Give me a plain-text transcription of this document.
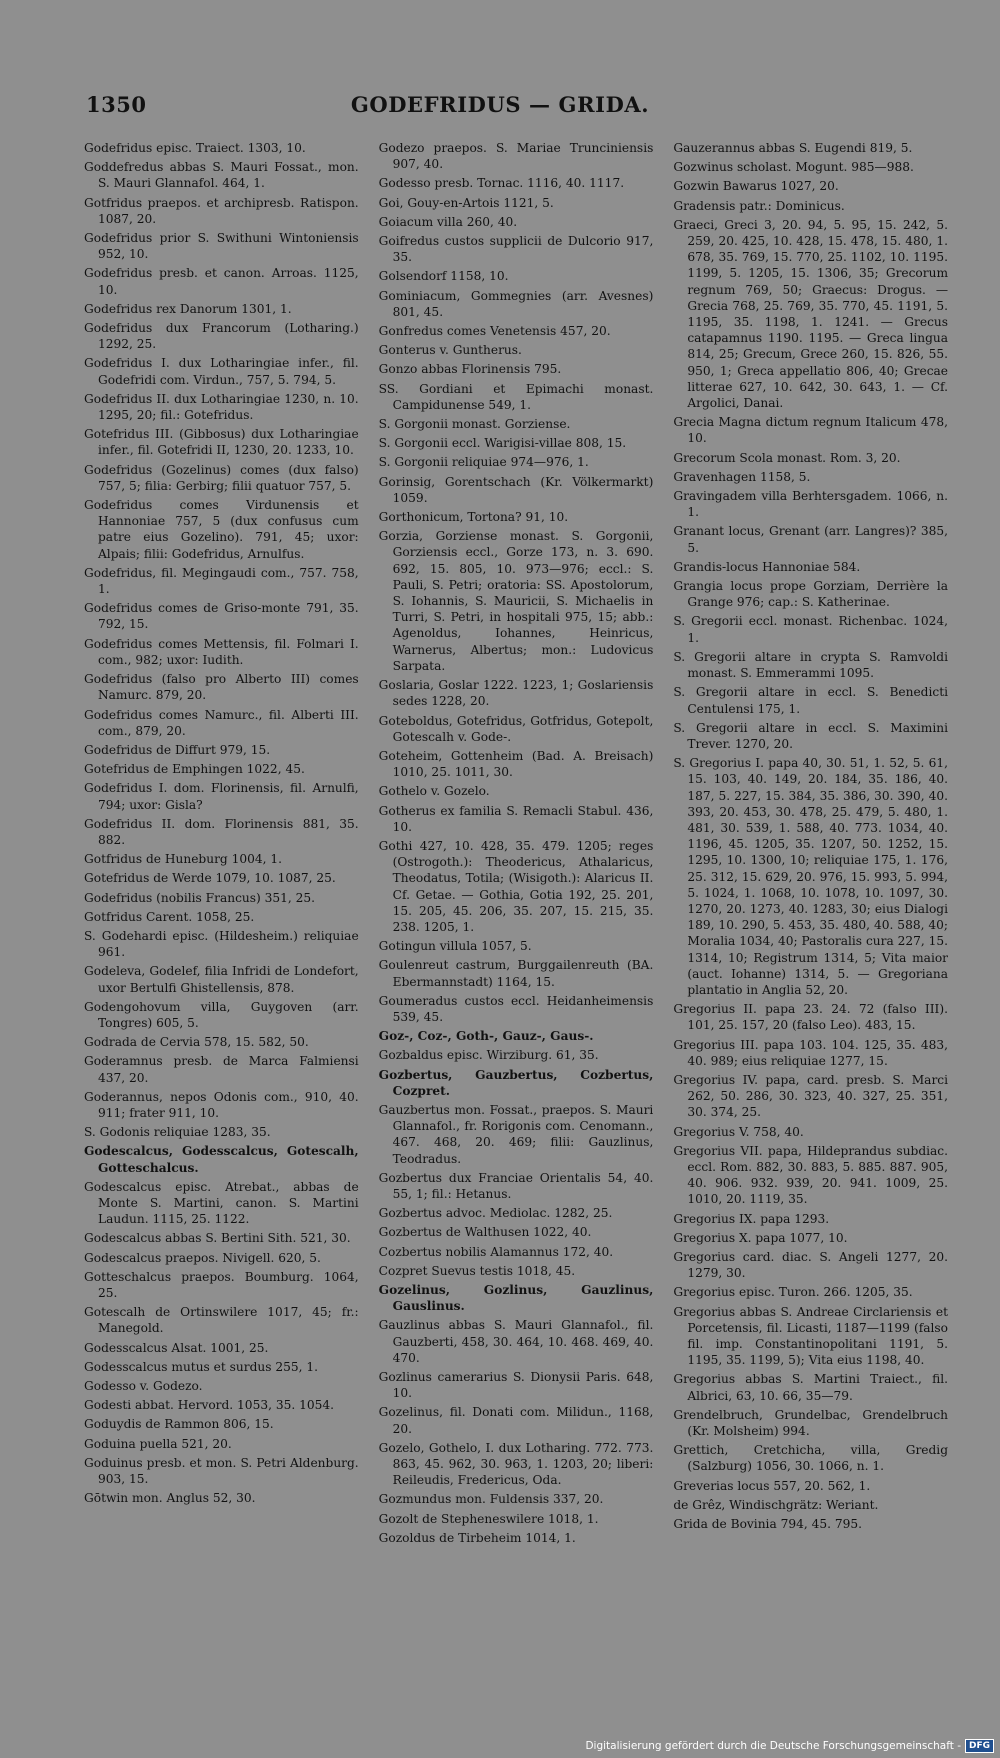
1350	GODEFRIDUS — GRIDA.

Godefridus episc. Traiect. 1303, 10.

Goddefredus abbas S. Mauri Fossat., mon. S. Mauri Glannafol. 464, 1.

Gotfridus praepos. et archipresb. Ratispon. 1087, 20.

Godefridus prior S. Swithuni Wintoniensis 952, 10.

Godefridus presb. et canon. Arroas. 1125, 10.

Godefridus rex Danorum 1301, 1.

Godefridus dux Francorum (Lotharing.) 1292, 25.

Godefridus I. dux Lotharingiae infer., fil. Godefridi com. Virdun., 757, 5. 794, 5.

Godefridus II. dux Lotharingiae 1230, n. 10. 1295, 20; fil.: Gotefridus.

Gotefridus III. (Gibbosus) dux Lotharingiae infer., fil. Gotefridi II, 1230, 20. 1233, 10.

Godefridus (Gozelinus) comes (dux falso) 757, 5; filia: Gerbirg; filii quatuor 757, 5.

Godefridus comes Virdunensis et Hannoniae 757, 5 (dux confusus cum patre eius Gozelino). 791, 45; uxor: Alpais; filii: Godefridus, Arnulfus.

Godefridus, fil. Megingaudi com., 757. 758, 1.

Godefridus comes de Griso-monte 791, 35. 792, 15.

Godefridus comes Mettensis, fil. Folmari I. com., 982; uxor: Iudith.

Godefridus (falso pro Alberto III) comes Namurc. 879, 20.

Godefridus comes Namurc., fil. Alberti III. com., 879, 20.

Godefridus de Diffurt 979, 15.

Gotefridus de Emphingen 1022, 45.

Godefridus I. dom. Florinensis, fil. Arnulfi, 794; uxor: Gisla?

Godefridus II. dom. Florinensis 881, 35. 882.

Gotfridus de Huneburg 1004, 1.

Gotefridus de Werde 1079, 10. 1087, 25.

Godefridus (nobilis Francus) 351, 25.

Gotfridus Carent. 1058, 25.

S. Godehardi episc. (Hildesheim.) reliquiae 961.

Godeleva, Godelef, filia Infridi de Londefort, uxor Bertulfi Ghistellensis, 878.

Godengohovum villa, Guygoven (arr. Tongres) 605, 5.

Godrada de Cervia 578, 15. 582, 50.

Goderamnus presb. de Marca Falmiensi 437, 20.

Goderannus, nepos Odonis com., 910, 40. 911; frater 911, 10.

S. Godonis reliquiae 1283, 35.

Godescalcus, Godesscalcus, Gotescalh, Gotteschalcus.

Godescalcus episc. Atrebat., abbas de Monte S. Martini, canon. S. Martini Laudun. 1115, 25. 1122.

Godescalcus abbas S. Bertini Sith. 521, 30.

Godescalcus praepos. Nivigell. 620, 5.

Gotteschalcus praepos. Boumburg. 1064, 25.

Gotescalh de Ortinswilere 1017, 45; fr.: Manegold.

Godesscalcus Alsat. 1001, 25.

Godesscalcus mutus et surdus 255, 1.

Godesso v. Godezo.

Godesti abbat. Hervord. 1053, 35. 1054.

Goduydis de Rammon 806, 15.

Goduina puella 521, 20.

Goduinus presb. et mon. S. Petri Aldenburg. 903, 15.

Gōtwin mon. Anglus 52, 30.

Godezo praepos. S. Mariae Trunciniensis 907, 40.

Godesso presb. Tornac. 1116, 40. 1117.

Goi, Gouy-en-Artois 1121, 5.

Goiacum villa 260, 40.

Goifredus custos supplicii de Dulcorio 917, 35.

Golsendorf 1158, 10.

Gominiacum, Gommegnies (arr. Avesnes) 801, 45.

Gonfredus comes Venetensis 457, 20.

Gonterus v. Guntherus.

Gonzo abbas Florinensis 795.

SS. Gordiani et Epimachi monast. Campidunense 549, 1.

S. Gorgonii monast. Gorziense.

S. Gorgonii eccl. Warigisi-villae 808, 15.

S. Gorgonii reliquiae 974—976, 1.

Gorinsig, Gorentschach (Kr. Völkermarkt) 1059.

Gorthonicum, Tortona? 91, 10.

Gorzia, Gorziense monast. S. Gorgonii, Gorziensis eccl., Gorze 173, n. 3. 690. 692, 15. 805, 10. 973—976; eccl.: S. Pauli, S. Petri; oratoria: SS. Apostolorum, S. Iohannis, S. Mauricii, S. Michaelis in Turri, S. Petri, in hospitali 975, 15; abb.: Agenoldus, Iohannes, Heinricus, Warnerus, Albertus; mon.: Ludovicus Sarpata.

Goslaria, Goslar 1222. 1223, 1; Goslariensis sedes 1228, 20.

Goteboldus, Gotefridus, Gotfridus, Gotepolt, Gotescalh v. Gode-.

Goteheim, Gottenheim (Bad. A. Breisach) 1010, 25. 1011, 30.

Gothelo v. Gozelo.

Gotherus ex familia S. Remacli Stabul. 436, 10.

Gothi 427, 10. 428, 35. 479. 1205; reges (Ostrogoth.): Theodericus, Athalaricus, Theodatus, Totila; (Wisigoth.): Alaricus II. Cf. Getae. — Gothia, Gotia 192, 25. 201, 15. 205, 45. 206, 35. 207, 15. 215, 35. 238. 1205, 1.

Gotingun villula 1057, 5.

Goulenreut castrum, Burggailenreuth (BA. Ebermannstadt) 1164, 15.

Goumeradus custos eccl. Heidanheimensis 539, 45.

Goz-, Coz-, Goth-, Gauz-, Gaus-.

Gozbaldus episc. Wirziburg. 61, 35.

Gozbertus, Gauzbertus, Cozbertus, Cozpret.

Gauzbertus mon. Fossat., praepos. S. Mauri Glannafol., fr. Rorigonis com. Cenomann., 467. 468, 20. 469; filii: Gauzlinus, Teodradus.

Gozbertus dux Franciae Orientalis 54, 40. 55, 1; fil.: Hetanus.

Gozbertus advoc. Mediolac. 1282, 25.

Gozbertus de Walthusen 1022, 40.

Cozbertus nobilis Alamannus 172, 40.

Cozpret Suevus testis 1018, 45.

Gozelinus, Gozlinus, Gauzlinus, Gauslinus.

Gauzlinus abbas S. Mauri Glannafol., fil. Gauzberti, 458, 30. 464, 10. 468. 469, 40. 470.

Gozlinus camerarius S. Dionysii Paris. 648, 10.

Gozelinus, fil. Donati com. Milidun., 1168, 20.

Gozelo, Gothelo, I. dux Lotharing. 772. 773. 863, 45. 962, 30. 963, 1. 1203, 20; liberi: Reileudis, Fredericus, Oda.

Gozmundus mon. Fuldensis 337, 20.

Gozolt de Stepheneswilere 1018, 1.

Gozoldus de Tirbeheim 1014, 1.

Gauzerannus abbas S. Eugendi 819, 5.

Gozwinus scholast. Mogunt. 985—988.

Gozwin Bawarus 1027, 20.

Gradensis patr.: Dominicus.

Graeci, Greci 3, 20. 94, 5. 95, 15. 242, 5. 259, 20. 425, 10. 428, 15. 478, 15. 480, 1. 678, 35. 769, 15. 770, 25. 1102, 10. 1195. 1199, 5. 1205, 15. 1306, 35; Grecorum regnum 769, 50; Graecus: Drogus. — Grecia 768, 25. 769, 35. 770, 45. 1191, 5. 1195, 35. 1198, 1. 1241. — Grecus catapamnus 1190. 1195. — Greca lingua 814, 25; Grecum, Grece 260, 15. 826, 55. 950, 1; Greca appellatio 806, 40; Grecae litterae 627, 10. 642, 30. 643, 1. — Cf. Argolici, Danai.

Grecia Magna dictum regnum Italicum 478, 10.

Grecorum Scola monast. Rom. 3, 20.

Gravenhagen 1158, 5.

Gravingadem villa Berhtersgadem. 1066, n. 1.

Granant locus, Grenant (arr. Langres)? 385, 5.

Grandis-locus Hannoniae 584.

Grangia locus prope Gorziam, Derrière la Grange 976; cap.: S. Katherinae.

S. Gregorii eccl. monast. Richenbac. 1024, 1.

S. Gregorii altare in crypta S. Ramvoldi monast. S. Emmerammi 1095.

S. Gregorii altare in eccl. S. Benedicti Centulensi 175, 1.

S. Gregorii altare in eccl. S. Maximini Trever. 1270, 20.

S. Gregorius I. papa 40, 30. 51, 1. 52, 5. 61, 15. 103, 40. 149, 20. 184, 35. 186, 40. 187, 5. 227, 15. 384, 35. 386, 30. 390, 40. 393, 20. 453, 30. 478, 25. 479, 5. 480, 1. 481, 30. 539, 1. 588, 40. 773. 1034, 40. 1196, 45. 1205, 35. 1207, 50. 1252, 15. 1295, 10. 1300, 10; reliquiae 175, 1. 176, 25. 312, 15. 629, 20. 976, 15. 993, 5. 994, 5. 1024, 1. 1068, 10. 1078, 10. 1097, 30. 1270, 20. 1273, 40. 1283, 30; eius Dialogi 189, 10. 290, 5. 453, 35. 480, 40. 588, 40; Moralia 1034, 40; Pastoralis cura 227, 15. 1314, 10; Registrum 1314, 5; Vita maior (auct. Iohanne) 1314, 5. — Gregoriana plantatio in Anglia 52, 20.

Gregorius II. papa 23. 24. 72 (falso III). 101, 25. 157, 20 (falso Leo). 483, 15.

Gregorius III. papa 103. 104. 125, 35. 483, 40. 989; eius reliquiae 1277, 15.

Gregorius IV. papa, card. presb. S. Marci 262, 50. 286, 30. 323, 40. 327, 25. 351, 30. 374, 25.

Gregorius V. 758, 40.

Gregorius VII. papa, Hildeprandus subdiac. eccl. Rom. 882, 30. 883, 5. 885. 887. 905, 40. 906. 932. 939, 20. 941. 1009, 25. 1010, 20. 1119, 35.

Gregorius IX. papa 1293.

Gregorius X. papa 1077, 10.

Gregorius card. diac. S. Angeli 1277, 20. 1279, 30.

Gregorius episc. Turon. 266. 1205, 35.

Gregorius abbas S. Andreae Circlariensis et Porcetensis, fil. Licasti, 1187—1199 (falso fil. imp. Constantinopolitani 1191, 5. 1195, 35. 1199, 5); Vita eius 1198, 40.

Gregorius abbas S. Martini Traiect., fil. Albrici, 63, 10. 66, 35—79.

Grendelbruch, Grundelbac, Grendelbruch (Kr. Molsheim) 994.

Grettich, Cretchicha, villa, Gredig (Salzburg) 1056, 30. 1066, n. 1.

Greverias locus 557, 20. 562, 1.

de Grêz, Windischgrätz: Weriant.

Grida de Bovinia 794, 45. 795.

Digitalisierung gefördert durch die Deutsche Forschungsgemeinschaft - DFG
